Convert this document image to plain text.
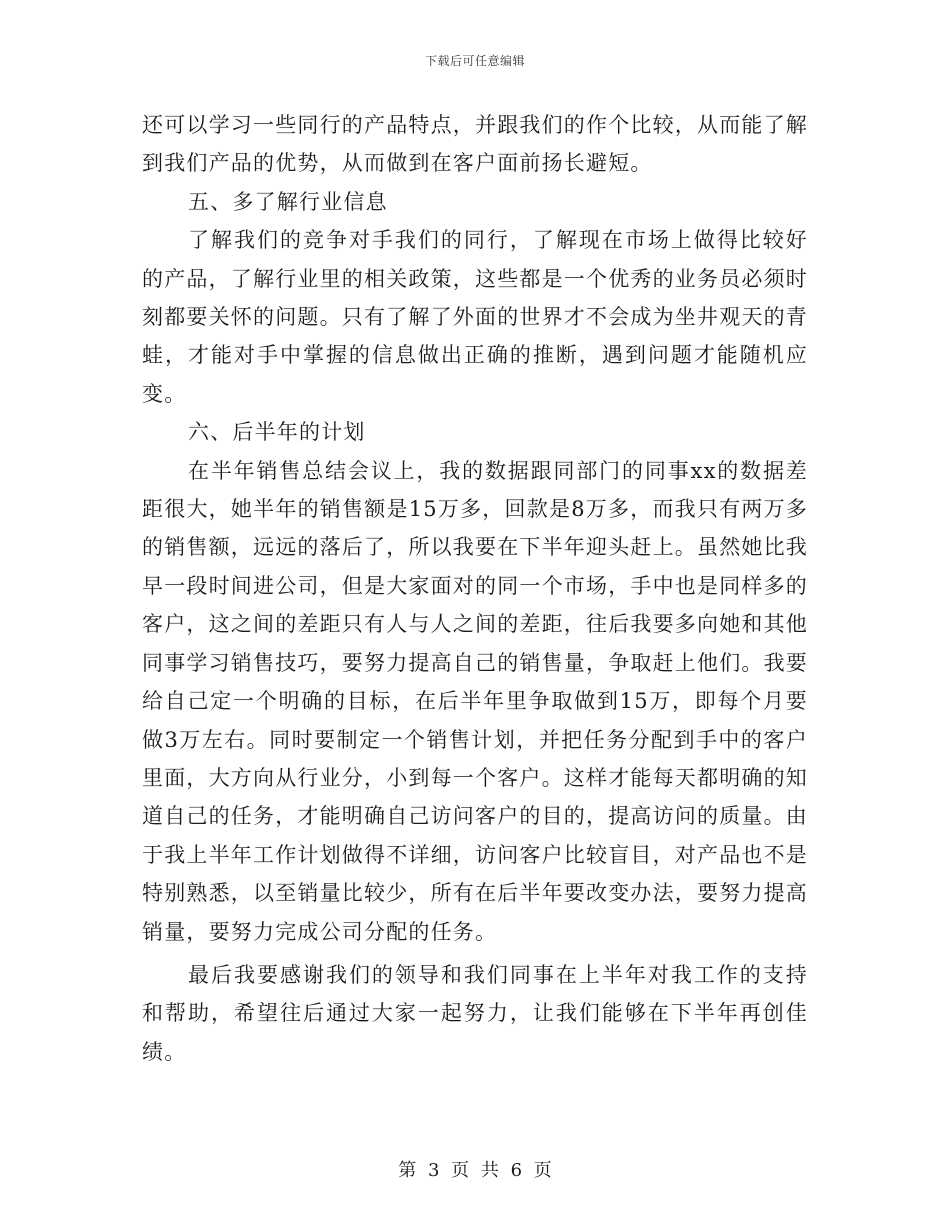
下载后可任意编辑

还可以学习一些同行的产品特点，并跟我们的作个比较，从而能了解到我们产品的优势，从而做到在客户面前扬长避短。

五、多了解行业信息

了解我们的竞争对手我们的同行，了解现在市场上做得比较好的产品，了解行业里的相关政策，这些都是一个优秀的业务员必须时刻都要关怀的问题。只有了解了外面的世界才不会成为坐井观天的青蛙，才能对手中掌握的信息做出正确的推断，遇到问题才能随机应变。

六、后半年的计划

在半年销售总结会议上，我的数据跟同部门的同事xx的数据差距很大，她半年的销售额是15万多，回款是8万多，而我只有两万多的销售额，远远的落后了，所以我要在下半年迎头赶上。虽然她比我早一段时间进公司，但是大家面对的同一个市场，手中也是同样多的客户，这之间的差距只有人与人之间的差距，往后我要多向她和其他同事学习销售技巧，要努力提高自己的销售量，争取赶上他们。我要给自己定一个明确的目标，在后半年里争取做到15万，即每个月要做3万左右。同时要制定一个销售计划，并把任务分配到手中的客户里面，大方向从行业分，小到每一个客户。这样才能每天都明确的知道自己的任务，才能明确自己访问客户的目的，提高访问的质量。由于我上半年工作计划做得不详细，访问客户比较盲目，对产品也不是特别熟悉，以至销量比较少，所有在后半年要改变办法，要努力提高销量，要努力完成公司分配的任务。

最后我要感谢我们的领导和我们同事在上半年对我工作的支持和帮助，希望往后通过大家一起努力，让我们能够在下半年再创佳绩。

第 3 页 共 6 页
